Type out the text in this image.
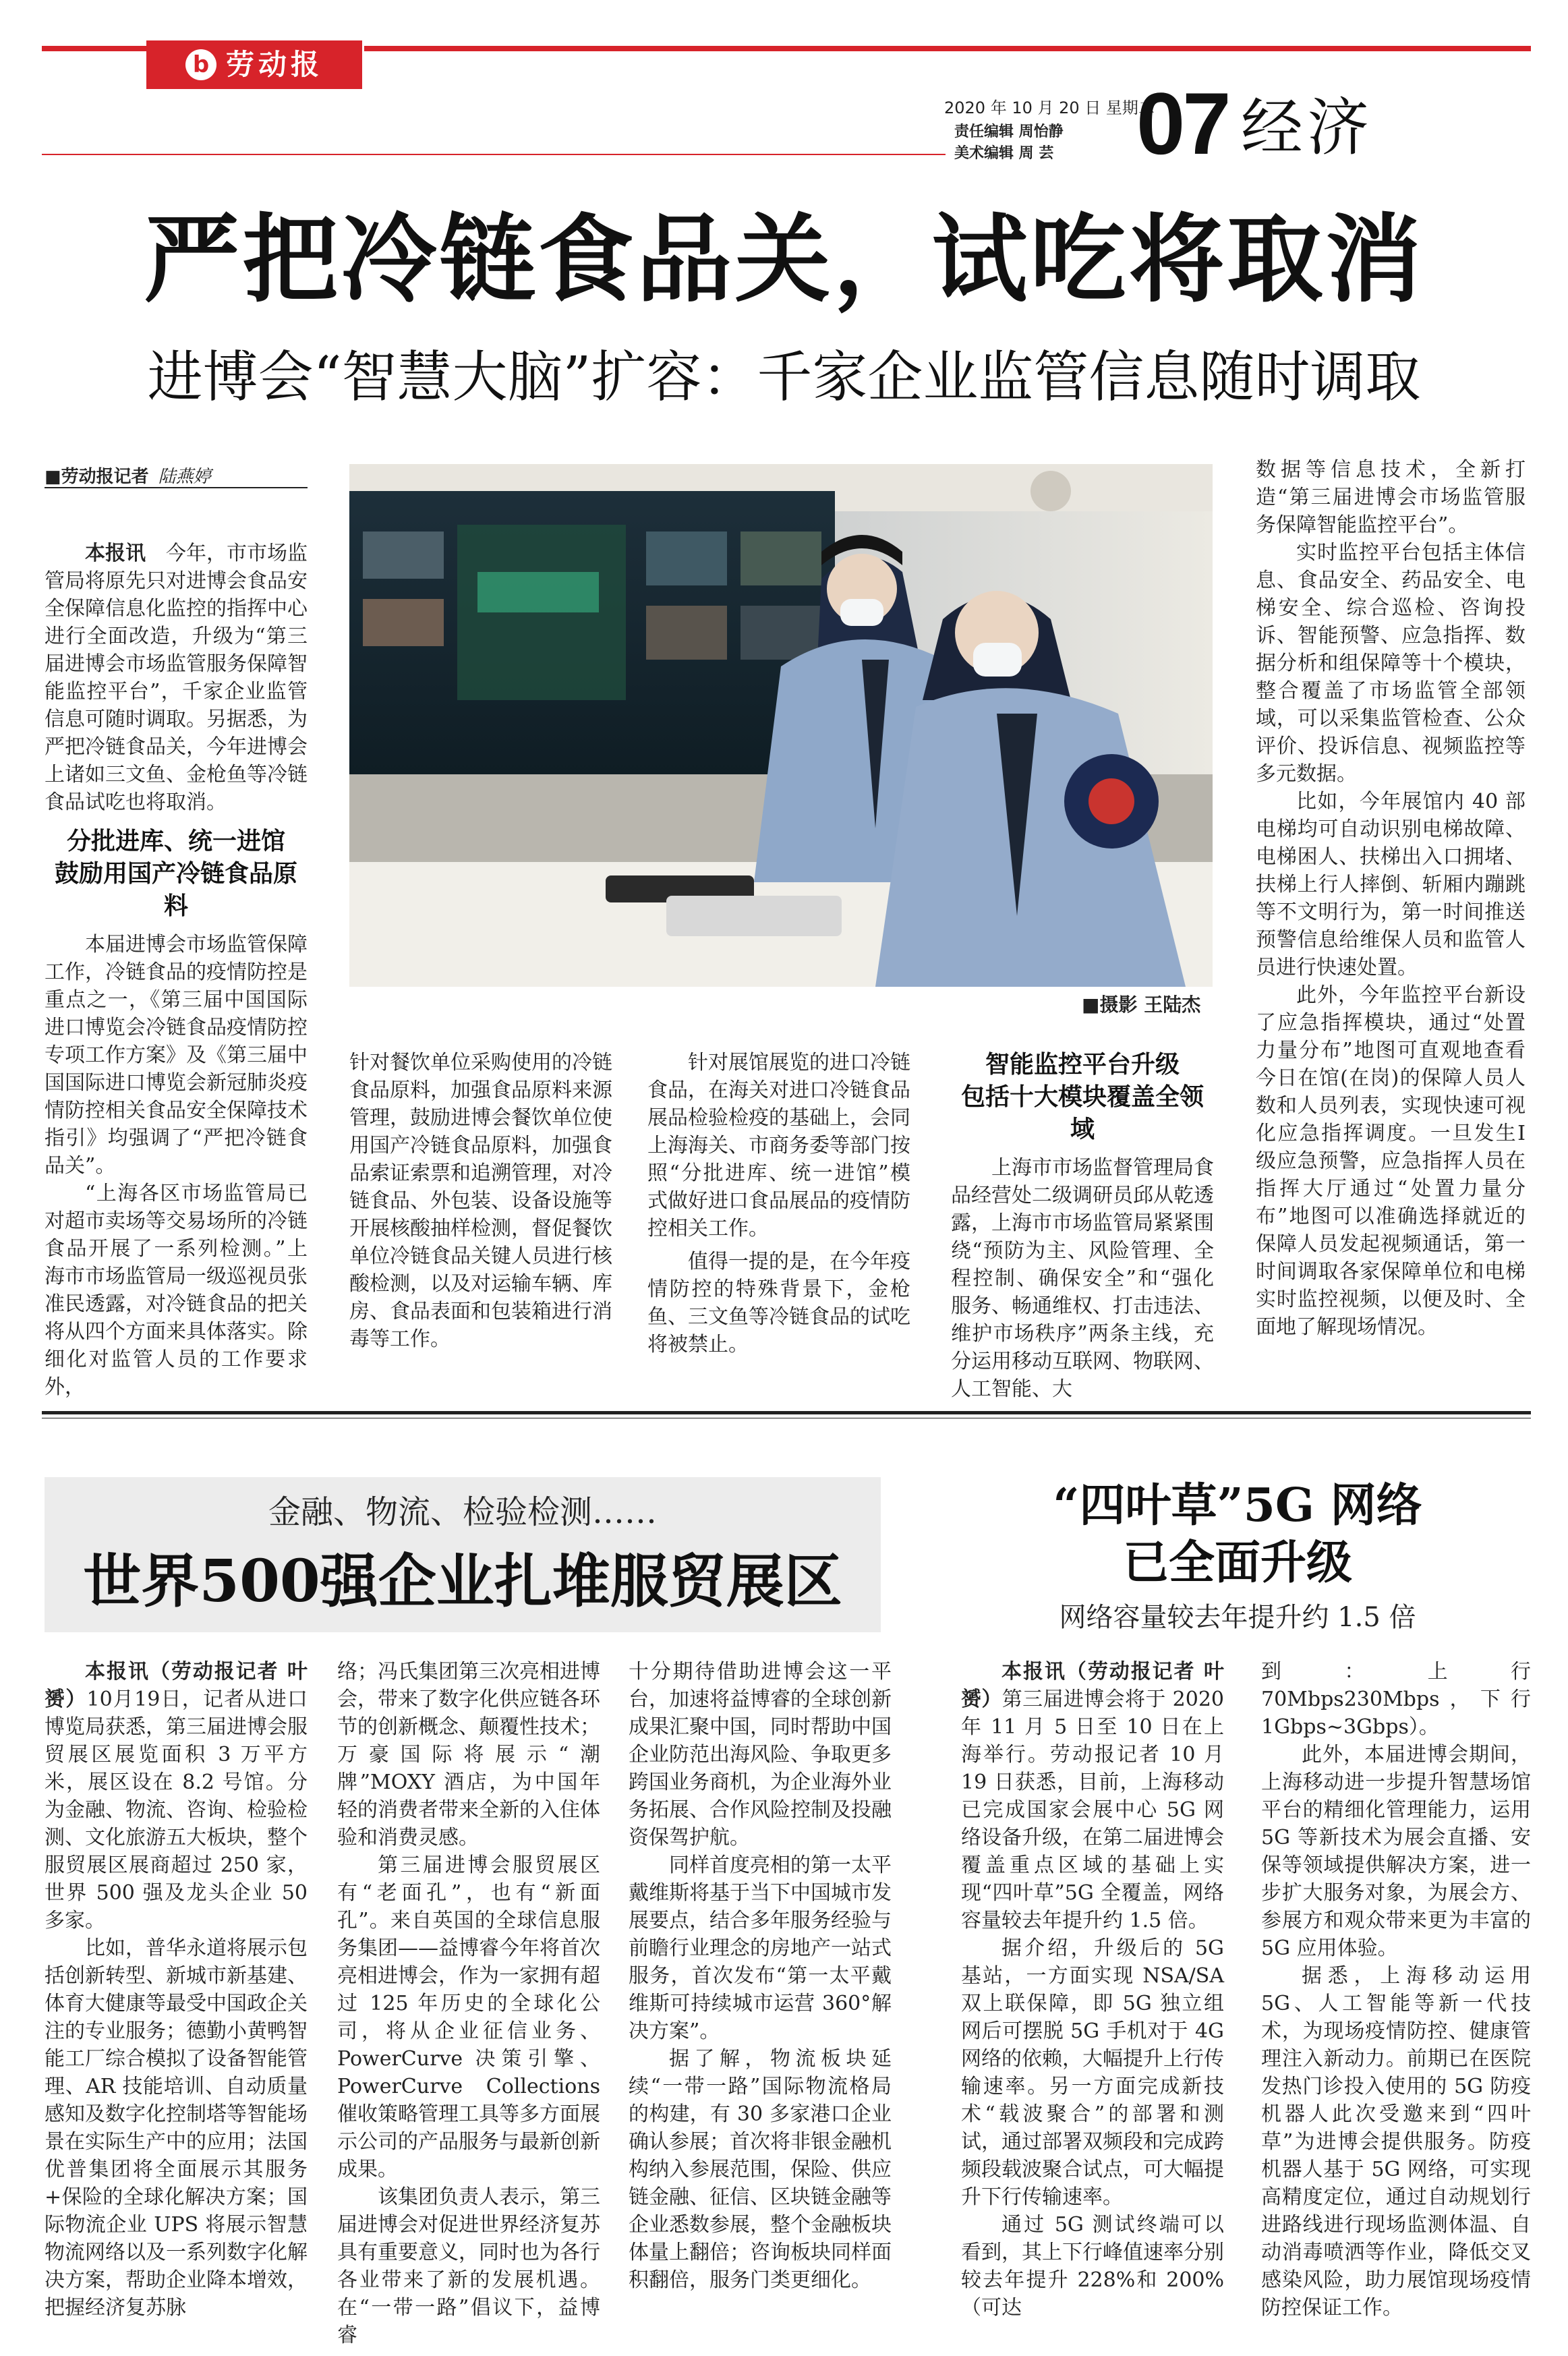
b 劳动报
2020 年 10 月 20 日 星期二
责任编辑 周怡静
美术编辑 周 芸 07 经济
严把冷链食品关，试吃将取消
进博会“智慧大脑”扩容：千家企业监管信息随时调取
■劳动报记者 陆燕婷
■摄影 王陆杰

本报讯　 今年，市市场监管局将原先只对进博会食品安全保障信息化监控的指挥中心进行全面改造，升级为“第三届进博会市场监管服务保障智能监控平台”，千家企业监管信息可随时调取。另据悉，为严把冷链食品关，今年进博会上诸如三文鱼、金枪鱼等冷链食品试吃也将取消。

分批进库、统一进馆
鼓励用国产冷链食品原料

本届进博会市场监管保障工作，冷链食品的疫情防控是重点之一，《第三届中国国际进口博览会冷链食品疫情防控专项工作方案》及《第三届中国国际进口博览会新冠肺炎疫情防控相关食品安全保障技术指引》均强调了“严把冷链食品关”。

“上海各区市场监管局已对超市卖场等交易场所的冷链食品开展了一系列检测。”上海市市场监管局一级巡视员张准民透露，对冷链食品的把关将从四个方面来具体落实。除细化对监管人员的工作要求外，

针对餐饮单位采购使用的冷链食品原料，加强食品原料来源管理，鼓励进博会餐饮单位使用国产冷链食品原料，加强食品索证索票和追溯管理，对冷链食品、外包装、设备设施等开展核酸抽样检测，督促餐饮单位冷链食品关键人员进行核酸检测，以及对运输车辆、库房、食品表面和包装箱进行消毒等工作。

针对展馆展览的进口冷链食品，在海关对进口冷链食品展品检验检疫的基础上，会同上海海关、市商务委等部门按照“分批进库、统一进馆”模式做好进口食品展品的疫情防控相关工作。

值得一提的是，在今年疫情防控的特殊背景下，金枪鱼、三文鱼等冷链食品的试吃将被禁止。

智能监控平台升级
包括十大模块覆盖全领域

上海市市场监督管理局食品经营处二级调研员邱从乾透露，上海市市场监管局紧紧围绕“预防为主、风险管理、全程控制、确保安全”和“强化服务、畅通维权、打击违法、维护市场秩序”两条主线，充分运用移动互联网、物联网、人工智能、大

数据等信息技术，全新打造“第三届进博会市场监管服务保障智能监控平台”。

实时监控平台包括主体信息、食品安全、药品安全、电梯安全、综合巡检、咨询投诉、智能预警、应急指挥、数据分析和组保障等十个模块，整合覆盖了市场监管全部领域，可以采集监管检查、公众评价、投诉信息、视频监控等多元数据。

比如，今年展馆内 40 部电梯均可自动识别电梯故障、电梯困人、扶梯出入口拥堵、扶梯上行人摔倒、斩厢内蹦跳等不文明行为，第一时间推送预警信息给维保人员和监管人员进行快速处置。

此外，今年监控平台新设了应急指挥模块，通过“处置力量分布”地图可直观地查看今日在馆(在岗)的保障人员人数和人员列表，实现快速可视化应急指挥调度。一旦发生Ⅰ级应急预警，应急指挥人员在指挥大厅通过“处置力量分布”地图可以准确选择就近的保障人员发起视频通话，第一时间调取各家保障单位和电梯实时监控视频，以便及时、全面地了解现场情况。

金融、物流、检验检测……
世界500强企业扎堆服贸展区

本报讯（劳动报记者 叶赟）10月19日，记者从进口博览局获悉，第三届进博会服贸展区展览面积 3 万平方米，展区设在 8.2 号馆。分为金融、物流、咨询、检验检测、文化旅游五大板块，整个服贸展区展商超过 250 家，世界 500 强及龙头企业 50 多家。

比如，普华永道将展示包括创新转型、新城市新基建、体育大健康等最受中国政企关注的专业服务；德勤小黄鸭智能工厂综合模拟了设备智能管理、AR 技能培训、自动质量感知及数字化控制塔等智能场景在实际生产中的应用；法国优普集团将全面展示其服务+保险的全球化解决方案；国际物流企业 UPS 将展示智慧物流网络以及一系列数字化解决方案，帮助企业降本增效，把握经济复苏脉

络；冯氏集团第三次亮相进博会，带来了数字化供应链各环节的创新概念、颠覆性技术；万豪国际将展示“潮牌”MOXY 酒店，为中国年轻的消费者带来全新的入住体验和消费灵感。

第三届进博会服贸展区有“老面孔”，也有“新面孔”。来自英国的全球信息服务集团——益博睿今年将首次亮相进博会，作为一家拥有超过 125 年历史的全球化公司，将从企业征信业务、PowerCurve 决策引擎、PowerCurve Collections 催收策略管理工具等多方面展示公司的产品服务与最新创新成果。

该集团负责人表示，第三届进博会对促进世界经济复苏具有重要意义，同时也为各行各业带来了新的发展机遇。在“一带一路”倡议下，益博睿

十分期待借助进博会这一平台，加速将益博睿的全球创新成果汇聚中国，同时帮助中国企业防范出海风险、争取更多跨国业务商机，为企业海外业务拓展、合作风险控制及投融资保驾护航。

同样首度亮相的第一太平戴维斯将基于当下中国城市发展要点，结合多年服务经验与前瞻行业理念的房地产一站式服务，首次发布“第一太平戴维斯可持续城市运营 360°解决方案”。

据了解，物流板块延续“一带一路”国际物流格局的构建，有 30 多家港口企业确认参展；首次将非银金融机构纳入参展范围，保险、供应链金融、征信、区块链金融等企业悉数参展，整个金融板块体量上翻倍；咨询板块同样面积翻倍，服务门类更细化。

“四叶草”5G 网络
已全面升级
网络容量较去年提升约 1.5 倍

本报讯（劳动报记者 叶赟）第三届进博会将于 2020 年 11 月 5 日至 10 日在上海举行。劳动报记者 10 月 19 日获悉，目前，上海移动已完成国家会展中心 5G 网络设备升级，在第二届进博会覆盖重点区域的基础上实现“四叶草”5G 全覆盖，网络容量较去年提升约 1.5 倍。

据介绍，升级后的 5G 基站，一方面实现 NSA/SA 双上联保障，即 5G 独立组网后可摆脱 5G 手机对于 4G 网络的依赖，大幅提升上行传输速率。另一方面完成新技术“载波聚合”的部署和测试，通过部署双频段和完成跨频段载波聚合试点，可大幅提升下行传输速率。

通过 5G 测试终端可以看到，其上下行峰值速率分别较去年提升 228%和 200%（可达

到：上行 70Mbps230Mbps，下行 1Gbps~3Gbps）。

此外，本届进博会期间，上海移动进一步提升智慧场馆平台的精细化管理能力，运用 5G 等新技术为展会直播、安保等领域提供解决方案，进一步扩大服务对象，为展会方、参展方和观众带来更为丰富的 5G 应用体验。

据悉，上海移动运用 5G、人工智能等新一代技术，为现场疫情防控、健康管理注入新动力。前期已在医院发热门诊投入使用的 5G 防疫机器人此次受邀来到“四叶草”为进博会提供服务。防疫机器人基于 5G 网络，可实现高精度定位，通过自动规划行进路线进行现场监测体温、自动消毒喷洒等作业，降低交叉感染风险，助力展馆现场疫情防控保证工作。
